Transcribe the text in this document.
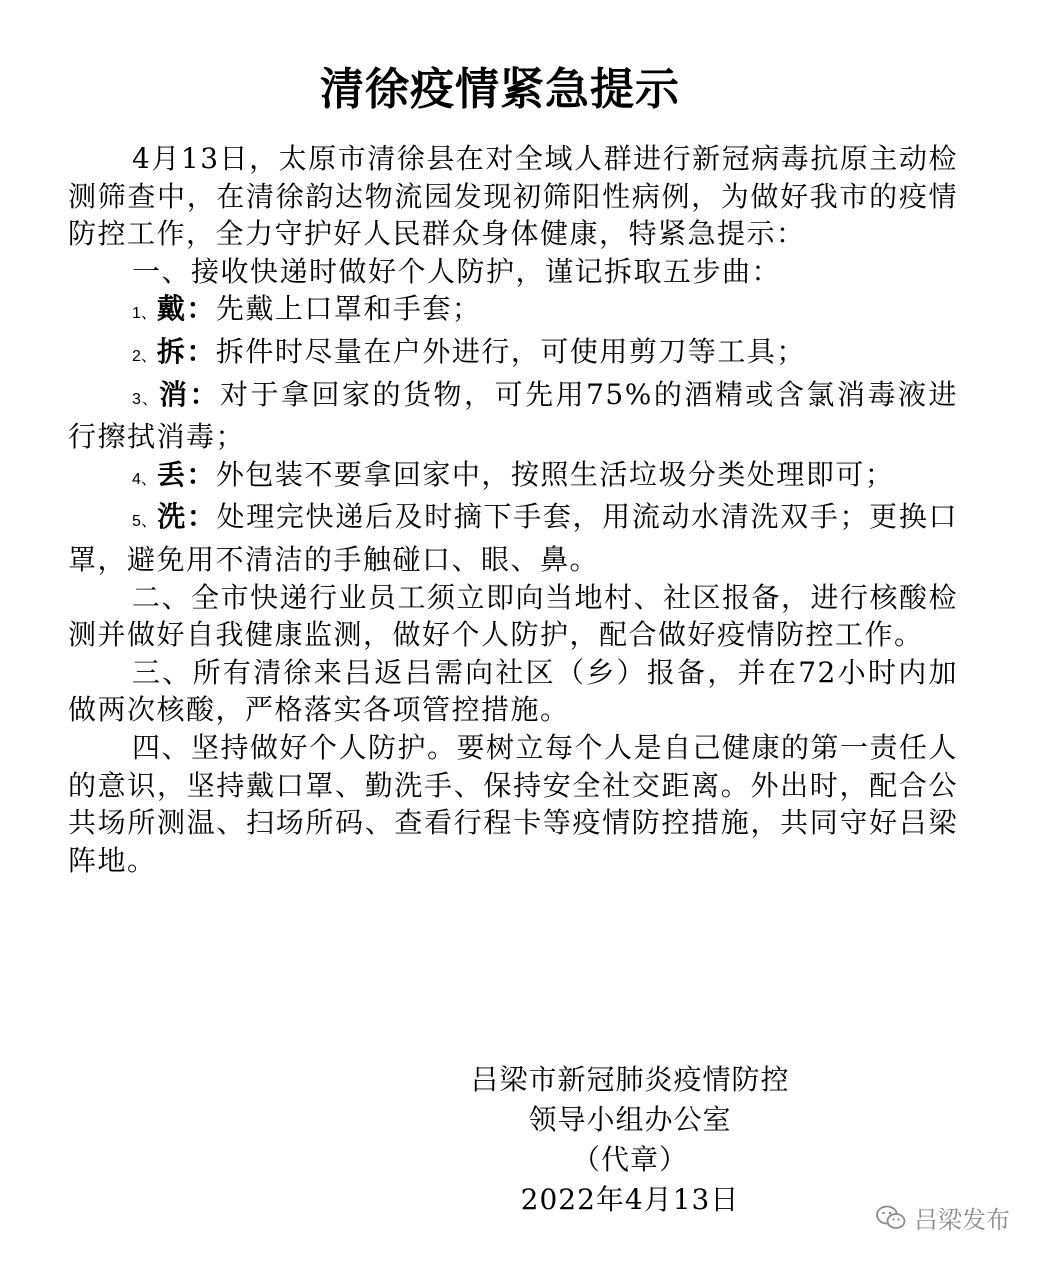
清徐疫情紧急提示

4月13日，太原市清徐县在对全域人群进行新冠病毒抗原主动检测筛查中，在清徐韵达物流园发现初筛阳性病例，为做好我市的疫情防控工作，全力守护好人民群众身体健康，特紧急提示：

一、接收快递时做好个人防护，谨记拆取五步曲：

1、戴：先戴上口罩和手套；

2、拆：拆件时尽量在户外进行，可使用剪刀等工具；

3、消：对于拿回家的货物，可先用75%的酒精或含氯消毒液进行擦拭消毒；

4、丢：外包装不要拿回家中，按照生活垃圾分类处理即可；

5、洗：处理完快递后及时摘下手套，用流动水清洗双手；更换口罩，避免用不清洁的手触碰口、眼、鼻。

二、全市快递行业员工须立即向当地村、社区报备，进行核酸检测并做好自我健康监测，做好个人防护，配合做好疫情防控工作。

三、所有清徐来吕返吕需向社区（乡）报备，并在72小时内加做两次核酸，严格落实各项管控措施。

四、坚持做好个人防护。要树立每个人是自己健康的第一责任人的意识，坚持戴口罩、勤洗手、保持安全社交距离。外出时，配合公共场所测温、扫场所码、查看行程卡等疫情防控措施，共同守好吕梁阵地。

吕梁市新冠肺炎疫情防控
领导小组办公室
（代章）
2022年4月13日
吕梁发布
